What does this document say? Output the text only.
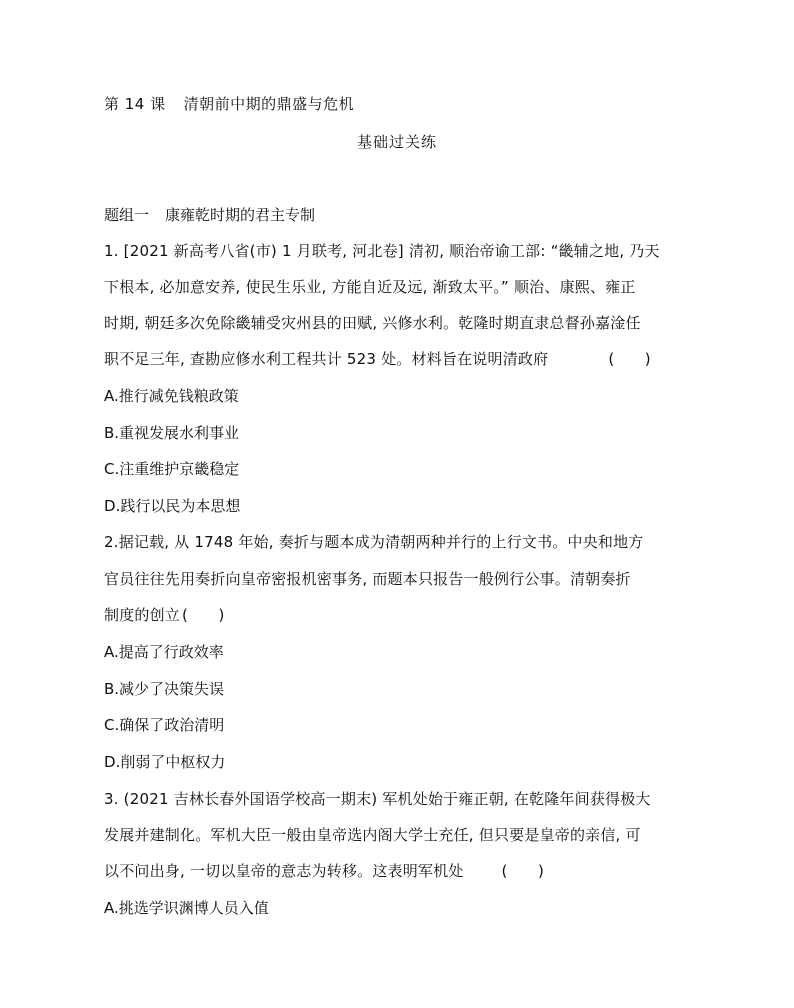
第 14 课 清朝前中期的鼎盛与危机
基础过关练
题组一 康雍乾时期的君主专制
1. [2021 新高考八省(市) 1 月联考, 河北卷] 清初, 顺治帝谕工部: “畿辅之地, 乃天
下根本, 必加意安养, 使民生乐业, 方能自近及远, 渐致太平。” 顺治、康熙、雍正
时期, 朝廷多次免除畿辅受灾州县的田赋, 兴修水利。乾隆时期直隶总督孙嘉淦任
职不足三年, 查勘应修水利工程共计 523 处。材料旨在说明清政府	(　　)
A.推行减免钱粮政策
B.重视发展水利事业
C.注重维护京畿稳定
D.践行以民为本思想
2.据记载, 从 1748 年始, 奏折与题本成为清朝两种并行的上行文书。中央和地方
官员往往先用奏折向皇帝密报机密事务, 而题本只报告一般例行公事。清朝奏折
制度的创立 (　　)
A.提高了行政效率
B.减少了决策失误
C.确保了政治清明
D.削弱了中枢权力
3. (2021 吉林长春外国语学校高一期末) 军机处始于雍正朝, 在乾隆年间获得极大
发展并建制化。军机大臣一般由皇帝选内阁大学士充任, 但只要是皇帝的亲信, 可
以不问出身, 一切以皇帝的意志为转移。这表明军机处	(　　)
A.挑选学识渊博人员入值
